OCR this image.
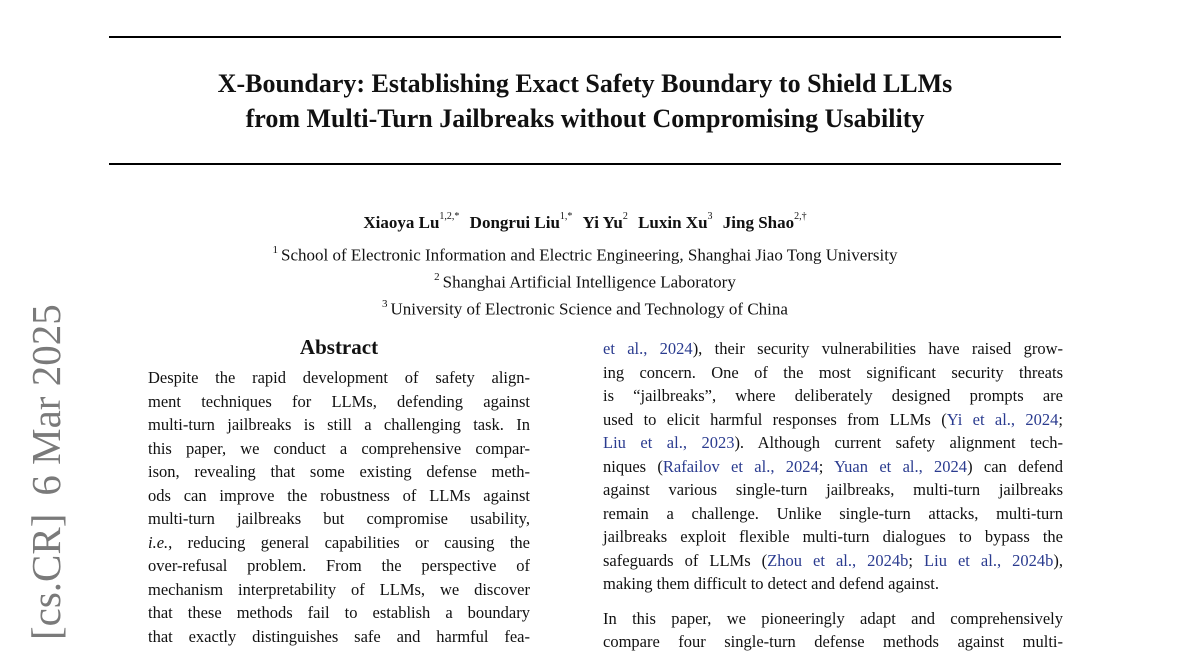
X-Boundary: Establishing Exact Safety Boundary to Shield LLMs
from Multi-Turn Jailbreaks without Compromising Usability
Xiaoya $Lu^{1,2,*}$ Dongrui Liu$^{1,*}$ Yi Yu$^2$ Luxin Xu$^3$ Jing Shao$^{2,\dagger}$
$^1$ School of Electronic Information and Electric Engineering, Shanghai Jiao Tong University
$^2$ Shanghai Artificial Intelligence Laboratory
$^3$ University of Electronic Science and Technology of China
[cs.CR]6 Mar 2025	Abstract
Despite the rapid development of safety align-
ment techniques for LLMs, defending against
multi-turn jailbreaks is still a challenging task. In
this paper, we conduct a comprehensive compar-
ison, revealing that some existing defense meth-
ods can improve the robustness of LLMs against
multi-turn jailbreaks but compromise usability,
i.e., reducing general capabilities or causing the
over-refusal problem. From the perspective of
mechanism interpretability of LLMs, we discover
that these methods fail to establish a boundary
that exactly distinguishes safe and harmful fea-
et al., 2024), their security vulnerabilities have raised grow-
ing concern. One of the most significant security threats
is “jailbreaks”, where deliberately designed prompts are
used to elicit harmful responses from LLMs (Yi et al., 2024;
Liu et al., 2023). Although current safety alignment tech-
niques (Rafailov et al., 2024; Yuan et al., 2024) can defend
against various single-turn jailbreaks, multi-turn jailbreaks
remain a challenge. Unlike single-turn attacks, multi-turn
jailbreaks exploit flexible multi-turn dialogues to bypass the
safeguards of LLMs (Zhou et al., 2024b; Liu et al., 2024b),
making them difficult to detect and defend against.
In this paper, we pioneeringly adapt and comprehensively
compare four single-turn defense methods against multi-
